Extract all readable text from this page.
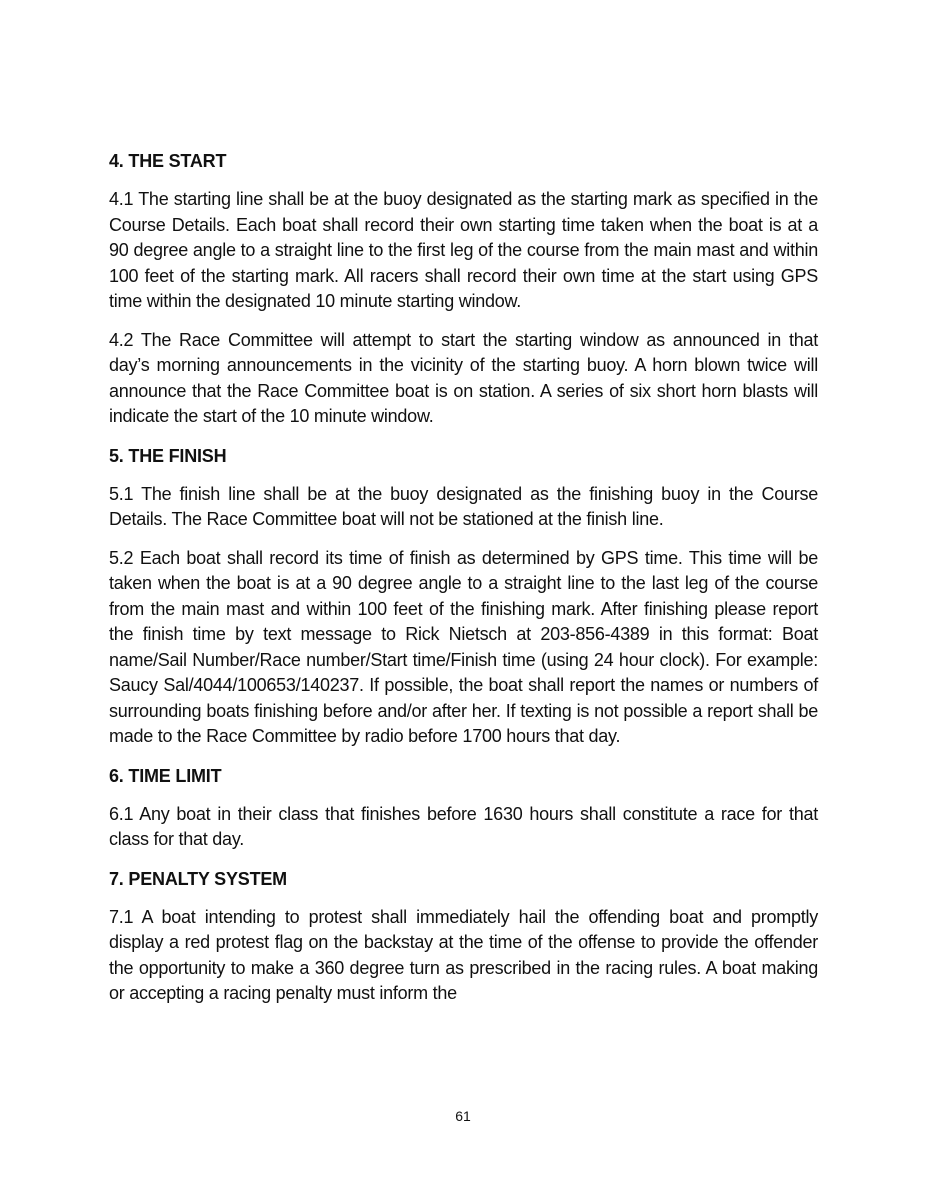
4. THE START

4.1 The starting line shall be at the buoy designated as the starting mark as specified in the Course Details. Each boat shall record their own starting time taken when the boat is at a 90 degree angle to a straight line to the first leg of the course from the main mast and within 100 feet of the starting mark. All racers shall record their own time at the start using GPS time within the designated 10 minute starting window.

4.2 The Race Committee will attempt to start the starting window as announced in that day’s morning announcements in the vicinity of the starting buoy. A horn blown twice will announce that the Race Committee boat is on station. A series of six short horn blasts will indicate the start of the 10 minute window.

5. THE FINISH

5.1 The finish line shall be at the buoy designated as the finishing buoy in the Course Details. The Race Committee boat will not be stationed at the finish line.

5.2 Each boat shall record its time of finish as determined by GPS time. This time will be taken when the boat is at a 90 degree angle to a straight line to the last leg of the course from the main mast and within 100 feet of the finishing mark. After finishing please report the finish time by text message to Rick Nietsch at 203-856-4389 in this format: Boat name/Sail Number/Race number/Start time/Finish time (using 24 hour clock). For example: Saucy Sal/4044/100653/140237. If possible, the boat shall report the names or numbers of surrounding boats finishing before and/or after her. If texting is not possible a report shall be made to the Race Committee by radio before 1700 hours that day.

6. TIME LIMIT

6.1 Any boat in their class that finishes before 1630 hours shall constitute a race for that class for that day.

7. PENALTY SYSTEM

7.1 A boat intending to protest shall immediately hail the offending boat and promptly display a red protest flag on the backstay at the time of the offense to provide the offender the opportunity to make a 360 degree turn as prescribed in the racing rules. A boat making or accepting a racing penalty must inform the

61
